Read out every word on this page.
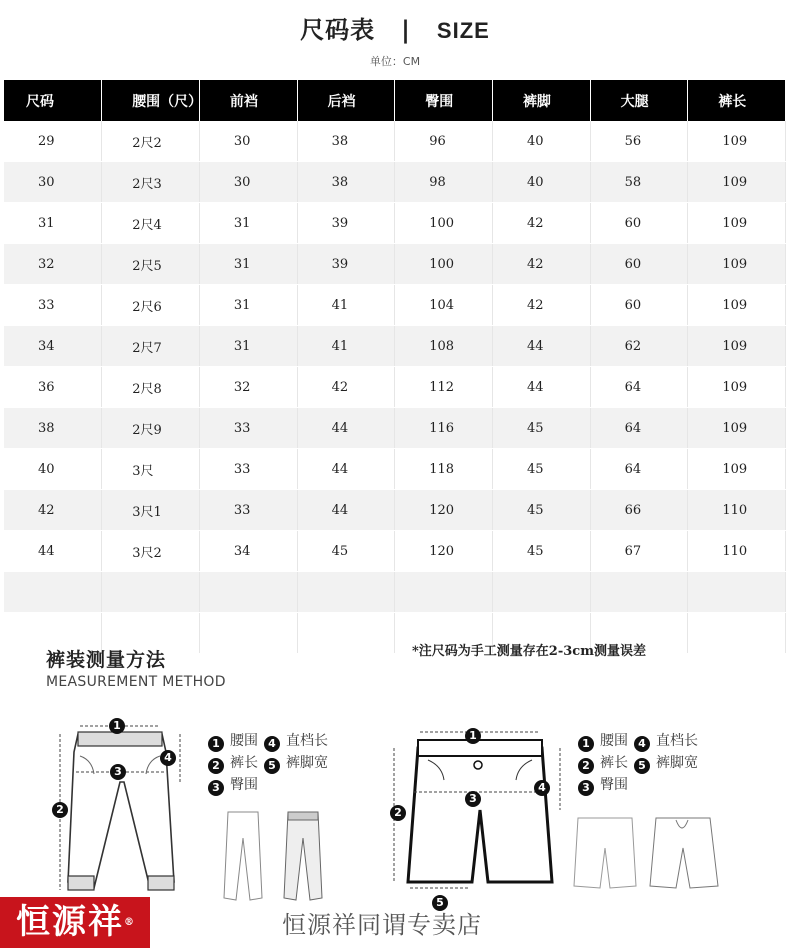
尺码表 | SIZE
单位：CM
尺码	腰围（尺）	前裆	后裆	臀围	裤脚	大腿	裤长
29	2尺2	30	38	96	40	56	109
30	2尺3	30	38	98	40	58	109
31	2尺4	31	39	100	42	60	109
32	2尺5	31	39	100	42	60	109
33	2尺6	31	41	104	42	60	109
34	2尺7	31	41	108	44	62	109
36	2尺8	32	42	112	44	64	109
38	2尺9	33	44	116	45	64	109
40	3尺	33	44	118	45	64	109
42	3尺1	33	44	120	45	66	110
44	3尺2	34	45	120	45	67	110

裤装测量方法
MEASUREMENT METHOD
*注尺码为手工测量存在2-3cm测量误差
1
2
3
4
1
2
3
4
5
1 腰围 4 直档长
2 裤长 5 裤脚宽
3 臀围
1 腰围 4 直档长
2 裤长 5 裤脚宽
3 臀围
恒源祥®	恒源祥同谓专卖店
